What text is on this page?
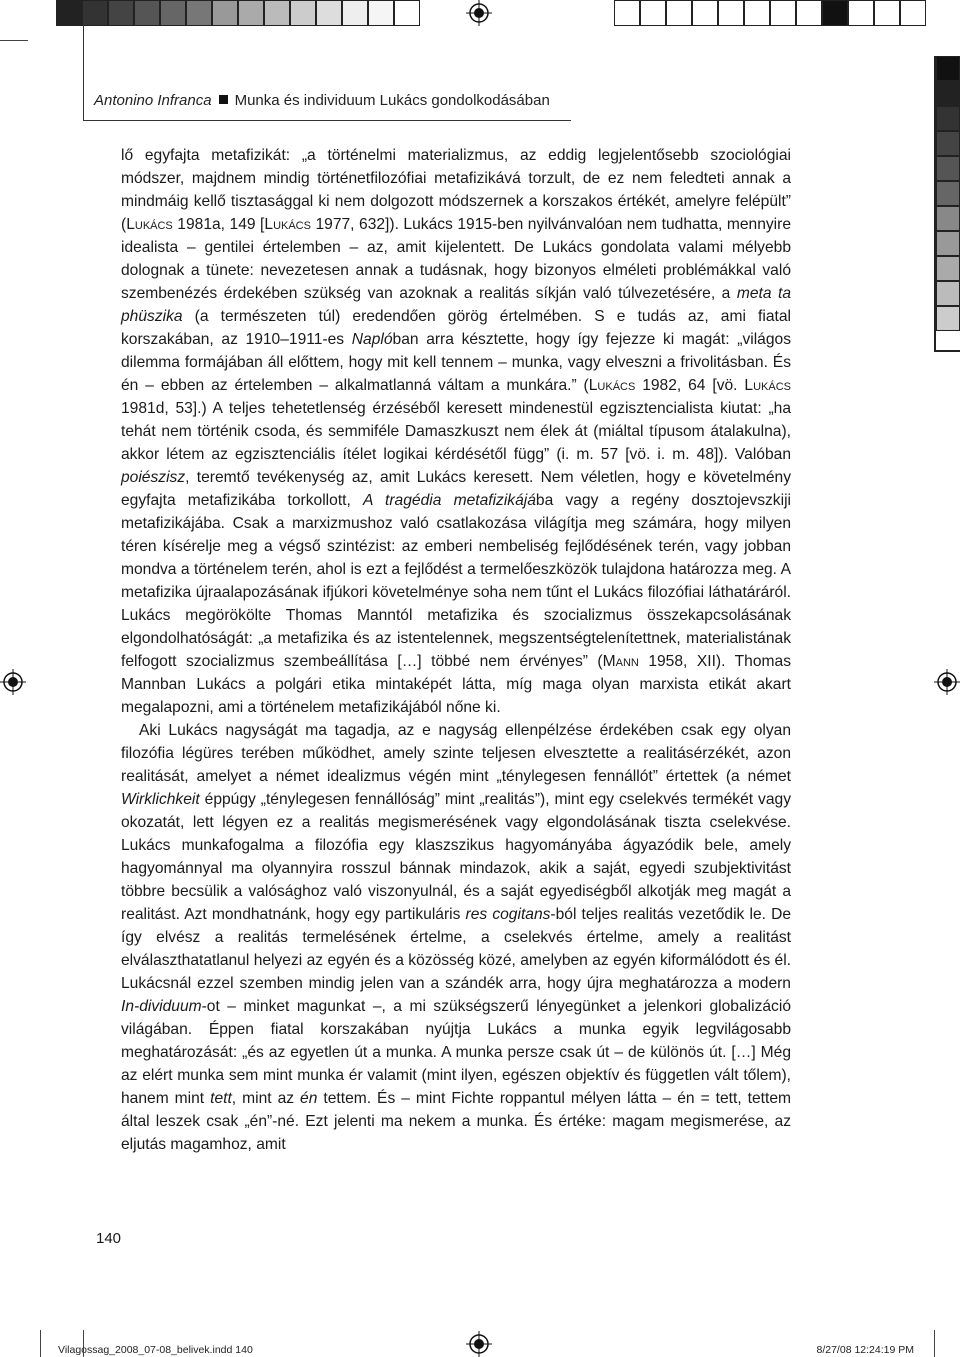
Antonino Infranca Munka és individuum Lukács gondolkodásában

lő egyfajta metafizikát: „a történelmi materializmus, az eddig legjelentősebb szociológiai módszer, majdnem mindig történetfilozófiai metafizikává torzult, de ez nem feledteti annak a mindmáig kellő tisztasággal ki nem dolgozott módszernek a korszakos értékét, amelyre felépült” (Lukács 1981a, 149 [Lukács 1977, 632]). Lukács 1915-ben nyilvánvalóan nem tudhatta, mennyire idealista – gentilei értelemben – az, amit kijelentett. De Lukács gondolata valami mélyebb dolognak a tünete: nevezetesen annak a tudásnak, hogy bizonyos elméleti problémákkal való szembenézés érdekében szükség van azoknak a realitás síkján való túlvezetésére, a meta ta phüszika (a természeten túl) eredendően görög értelmében. S e tudás az, ami fiatal korszakában, az 1910–1911-es Naplóban arra késztette, hogy így fejezze ki magát: „világos dilemma formájában áll előttem, hogy mit kell tennem – munka, vagy elveszni a frivolitásban. És én – ebben az értelemben – alkalmatlanná váltam a munkára.” (Lukács 1982, 64 [vö. Lukács 1981d, 53].) A teljes tehetetlenség érzéséből keresett mindenestül egzisztencialista kiutat: „ha tehát nem történik csoda, és semmiféle Damaszkuszt nem élek át (miáltal típusom átalakulna), akkor létem az egzisztenciális ítélet logikai kérdésétől függ” (i. m. 57 [vö. i. m. 48]). Valóban poiészisz, teremtő tevékenység az, amit Lukács keresett. Nem véletlen, hogy e követelmény egyfajta metafizikába torkollott, A tragédia metafizikájába vagy a regény dosztojevszkiji metafizikájába. Csak a marxizmushoz való csatlakozása világítja meg számára, hogy milyen téren kísérelje meg a végső szintézist: az emberi nembeliség fejlődésének terén, vagy jobban mondva a történelem terén, ahol is ezt a fejlődést a termelőeszközök tulajdona határozza meg. A metafizika újraalapozásának ifjúkori követelménye soha nem tűnt el Lukács filozófiai láthatáráról. Lukács megörökölte Thomas Manntól metafizika és szocializmus összekapcsolásának elgondolhatóságát: „a metafizika és az istentelennek, megszentségtelenítettnek, materialistának felfogott szocializmus szembeállítása […] többé nem érvényes” (Mann 1958, XII). Thomas Mannban Lukács a polgári etika mintaképét látta, míg maga olyan marxista etikát akart megalapozni, ami a történelem metafizikájából nőne ki.

Aki Lukács nagyságát ma tagadja, az e nagyság ellenpélzése érdekében csak egy olyan filozófia légüres terében működhet, amely szinte teljesen elvesztette a realitásérzékét, azon realitását, amelyet a német idealizmus végén mint „ténylegesen fennállót” értettek (a német Wirklichkeit éppúgy „ténylegesen fennállóság” mint „realitás”), mint egy cselekvés termékét vagy okozatát, lett légyen ez a realitás megismerésének vagy elgondolásának tiszta cselekvése. Lukács munkafogalma a filozófia egy klaszszikus hagyományába ágyazódik bele, amely hagyománnyal ma olyannyira rosszul bánnak mindazok, akik a saját, egyedi szubjektivitást többre becsülik a valósághoz való viszonyulnál, és a saját egyediségből alkotják meg magát a realitást. Azt mondhatnánk, hogy egy partikuláris res cogitans-ból teljes realitás vezetődik le. De így elvész a realitás termelésének értelme, a cselekvés értelme, amely a realitást elválaszthatatlanul helyezi az egyén és a közösség közé, amelyben az egyén kiformálódott és él. Lukácsnál ezzel szemben mindig jelen van a szándék arra, hogy újra meghatározza a modern In-dividuum-ot – minket magunkat –, a mi szükségszerű lényegünket a jelenkori globalizáció világában. Éppen fiatal korszakában nyújtja Lukács a munka egyik legvilágosabb meghatározását: „és az egyetlen út a munka. A munka persze csak út – de különös út. […] Még az elért munka sem mint munka ér valamit (mint ilyen, egészen objektív és független vált tőlem), hanem mint tett, mint az én tettem. És – mint Fichte roppantul mélyen látta – én = tett, tettem által leszek csak „én”-né. Ezt jelenti ma nekem a munka. És értéke: magam megismerése, az eljutás magamhoz, amit

140
Vilagossag_2008_07-08_belivek.indd 140	8/27/08 12:24:19 PM
